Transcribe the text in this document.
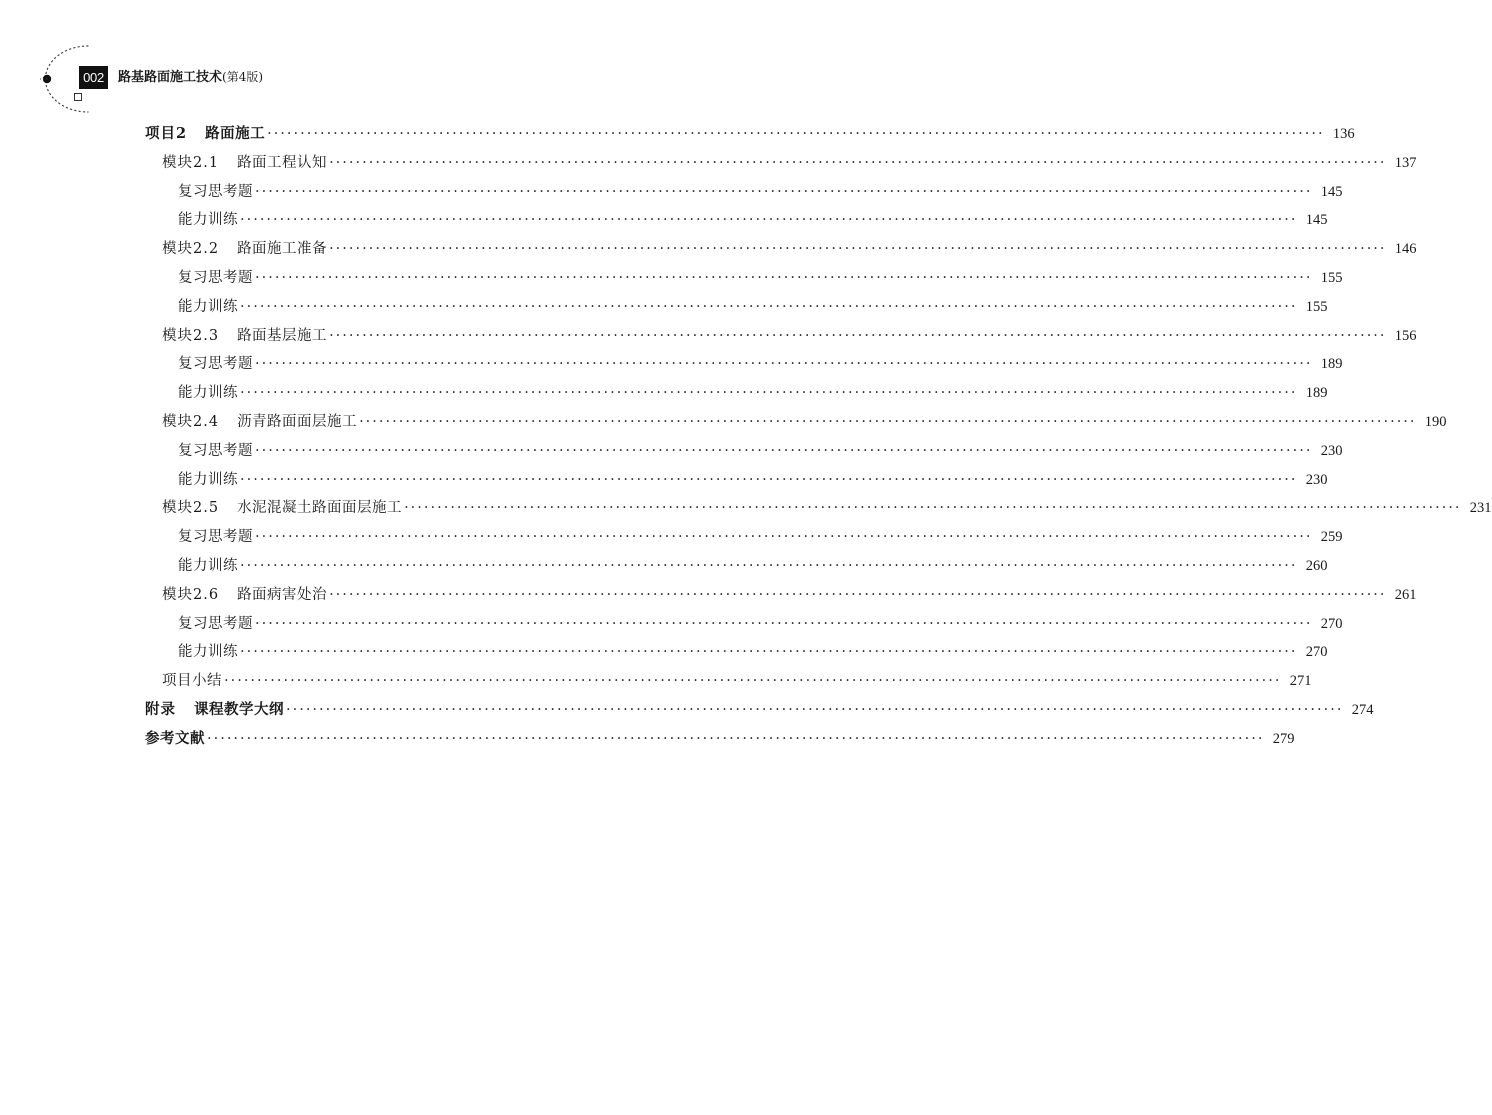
002	路基路面施工技术(第4版)
项目2 路面施工 ································································································································································ 136
模块2.1 路面工程认知 ································································································································································ 137
复习思考题 ································································································································································ 145
能力训练 ································································································································································ 145
模块2.2 路面施工准备 ································································································································································ 146
复习思考题 ································································································································································ 155
能力训练 ································································································································································ 155
模块2.3 路面基层施工 ································································································································································ 156
复习思考题 ································································································································································ 189
能力训练 ································································································································································ 189
模块2.4 沥青路面面层施工 ································································································································································ 190
复习思考题 ································································································································································ 230
能力训练 ································································································································································ 230
模块2.5 水泥混凝土路面面层施工 ································································································································································ 231
复习思考题 ································································································································································ 259
能力训练 ································································································································································ 260
模块2.6 路面病害处治 ································································································································································ 261
复习思考题 ································································································································································ 270
能力训练 ································································································································································ 270
项目小结 ································································································································································ 271
附录 课程教学大纲 ································································································································································ 274
参考文献 ································································································································································ 279
